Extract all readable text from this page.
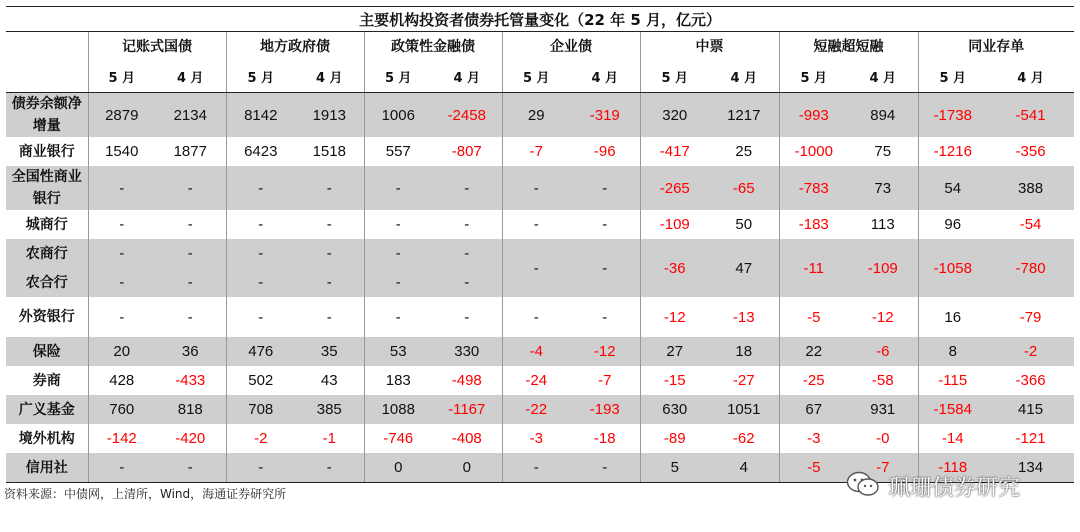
主要机构投资者债券托管量变化（22 年 5 月，亿元）														
	记账式国债		地方政府债		政策性金融债		企业债		中票		短融超短融		同业存单	
	5 月	4 月	5 月	4 月	5 月	4 月	5 月	4 月	5 月	4 月	5 月	4 月	5 月	4 月
债券余额净增量	2879	2134	8142	1913	1006	-2458	29	-319	320	1217	-993	894	-1738	-541
商业银行	1540	1877	6423	1518	557	-807	-7	-96	-417	25	-1000	75	-1216	-356
全国性商业银行	-	-	-	-	-	-	-	-	-265	-65	-783	73	54	388
城商行	-	-	-	-	-	-	-	-	-109	50	-183	113	96	-54
农商行	-	-	-	-	-	-	-	-	-36	47	-11	-109	-1058	-780
农合行	-	-	-	-	-	-								
外资银行	-	-	-	-	-	-	-	-	-12	-13	-5	-12	16	-79
保险	20	36	476	35	53	330	-4	-12	27	18	22	-6	8	-2
券商	428	-433	502	43	183	-498	-24	-7	-15	-27	-25	-58	-115	-366
广义基金	760	818	708	385	1088	-1167	-22	-193	630	1051	67	931	-1584	415
境外机构	-142	-420	-2	-1	-746	-408	-3	-18	-89	-62	-3	-0	-14	-121
信用社	-	-	-	-	0	0	-	-	5	4	-5	-7	-118	134
资料来源：中债网，上清所，Wind，海通证券研究所	珮珊债券研究
